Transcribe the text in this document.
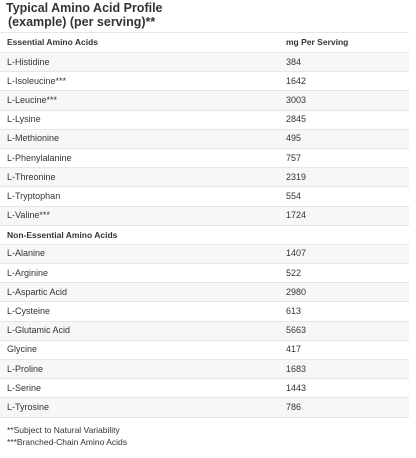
Typical Amino Acid Profile
(example) (per serving)**
Essential Amino Acids	mg Per Serving
L-Histidine	384
L-Isoleucine***	1642
L-Leucine***	3003
L-Lysine	2845
L-Methionine	495
L-Phenylalanine	757
L-Threonine	2319
L-Tryptophan	554
L-Valine***	1724
Non-Essential Amino Acids	
L-Alanine	1407
L-Arginine	522
L-Aspartic Acid	2980
L-Cysteine	613
L-Glutamic Acid	5663
Glycine	417
L-Proline	1683
L-Serine	1443
L-Tyrosine	786
**Subject to Natural Variability
***Branched-Chain Amino Acids
